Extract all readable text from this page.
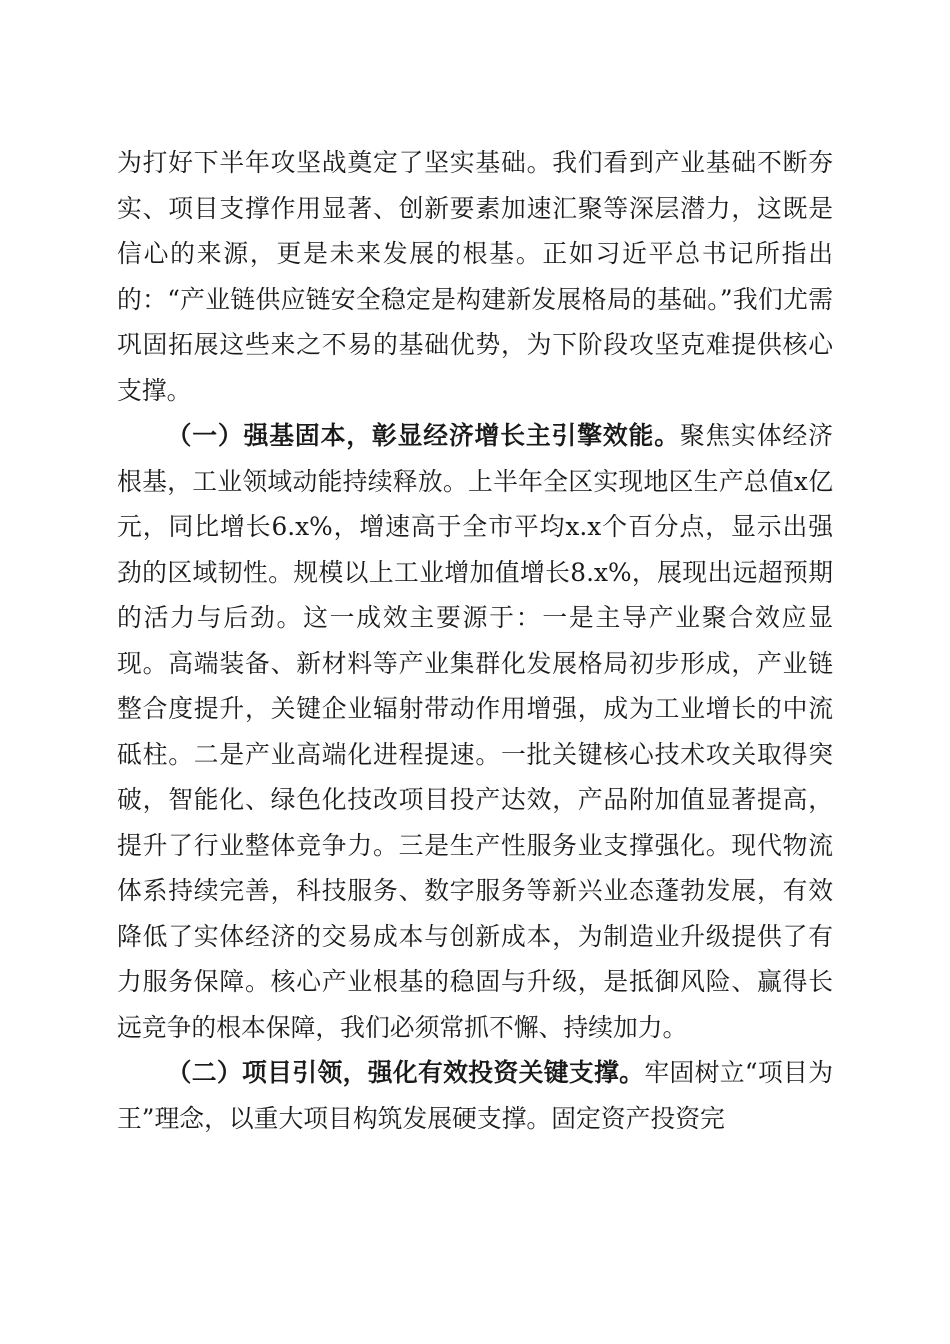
为打好下半年攻坚战奠定了坚实基础。我们看到产业基础不断夯实、项目支撑作用显著、创新要素加速汇聚等深层潜力，这既是信心的来源，更是未来发展的根基。正如习近平总书记所指出的：“产业链供应链安全稳定是构建新发展格局的基础。”我们尤需巩固拓展这些来之不易的基础优势，为下阶段攻坚克难提供核心支撑。

（一）强基固本，彰显经济增长主引擎效能。聚焦实体经济根基，工业领域动能持续释放。上半年全区实现地区生产总值x亿元，同比增长6.x%，增速高于全市平均x.x个百分点，显示出强劲的区域韧性。规模以上工业增加值增长8.x%，展现出远超预期的活力与后劲。这一成效主要源于：一是主导产业聚合效应显现。高端装备、新材料等产业集群化发展格局初步形成，产业链整合度提升，关键企业辐射带动作用增强，成为工业增长的中流砥柱。二是产业高端化进程提速。一批关键核心技术攻关取得突破，智能化、绿色化技改项目投产达效，产品附加值显著提高，提升了行业整体竞争力。三是生产性服务业支撑强化。现代物流体系持续完善，科技服务、数字服务等新兴业态蓬勃发展，有效降低了实体经济的交易成本与创新成本，为制造业升级提供了有力服务保障。核心产业根基的稳固与升级，是抵御风险、赢得长远竞争的根本保障，我们必须常抓不懈、持续加力。

（二）项目引领，强化有效投资关键支撑。牢固树立“项目为王”理念，以重大项目构筑发展硬支撑。固定资产投资完
